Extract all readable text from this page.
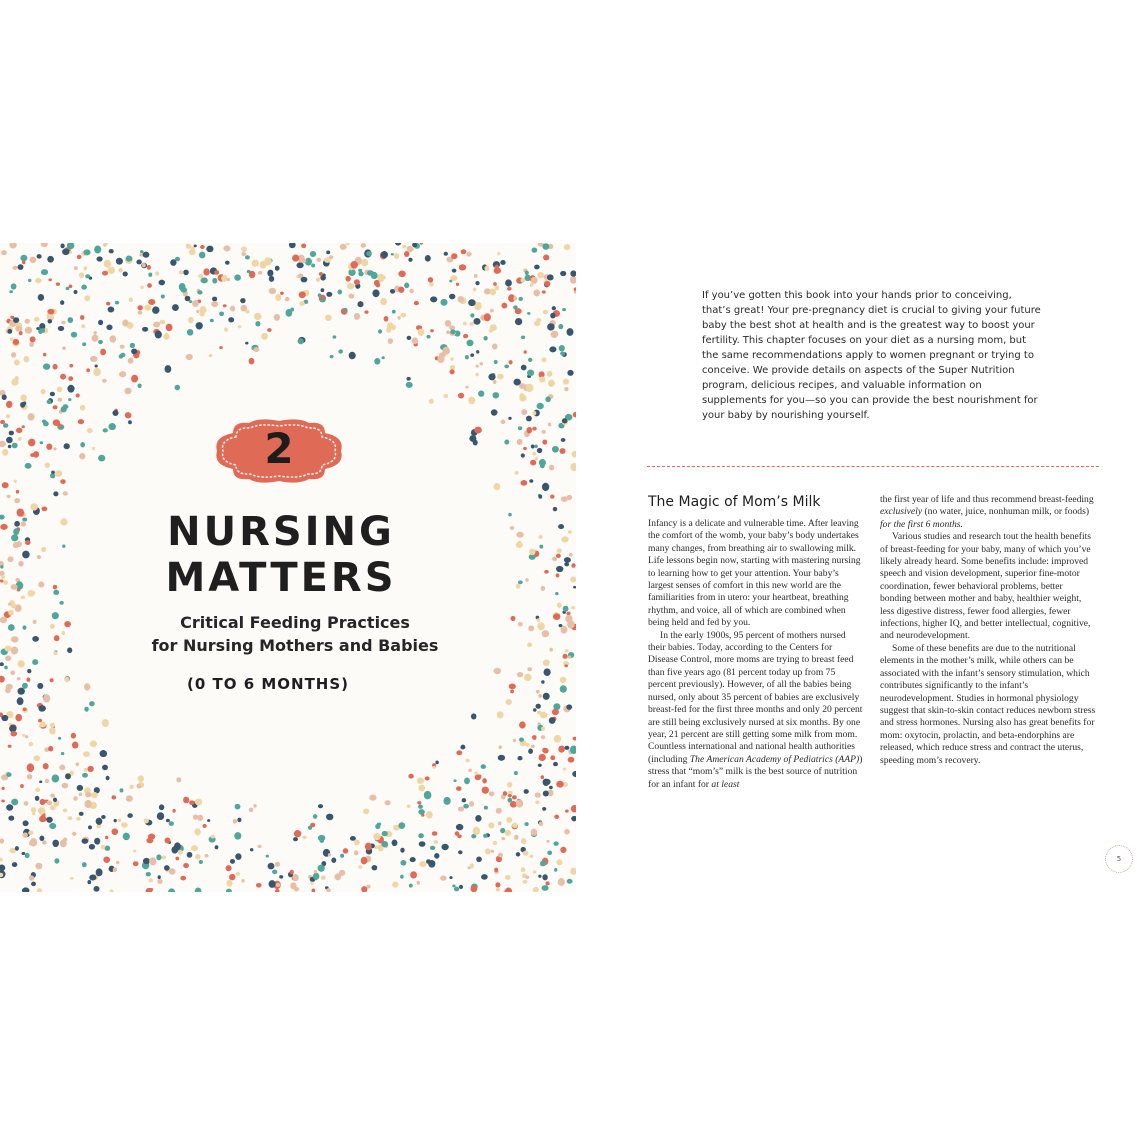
2
NURSING
MATTERS
Critical Feeding Practices
for Nursing Mothers and Babies
(0 TO 6 MONTHS)
If you’ve gotten this book into your hands prior to conceiving, that’s great! Your pre-pregnancy diet is crucial to giving your future baby the best shot at health and is the greatest way to boost your fertility. This chapter focuses on your diet as a nursing mom, but the same recommendations apply to women pregnant or trying to conceive. We provide details on aspects of the Super Nutrition program, delicious recipes, and valuable information on supplements for you—so you can provide the best nourishment for your baby by nourishing yourself.
The Magic of Mom’s Milk

Infancy is a delicate and vulnerable time. After leaving the comfort of the womb, your baby’s body undertakes many changes, from breathing air to swallowing milk. Life lessons begin now, starting with mastering nursing to learning how to get your attention. Your baby’s largest senses of comfort in this new world are the familiarities from in utero: your heartbeat, breathing rhythm, and voice, all of which are combined when being held and fed by you.

In the early 1900s, 95 percent of mothers nursed their babies. Today, according to the Centers for Disease Control, more moms are trying to breast feed than five years ago (81 percent today up from 75 percent previously). However, of all the babies being nursed, only about 35 percent of babies are exclusively breast-fed for the first three months and only 20 percent are still being exclusively nursed at six months. By one year, 21 percent are still getting some milk from mom. Countless international and national health authorities (including The American Academy of Pediatrics (AAP)) stress that “mom’s” milk is the best source of nutrition for an infant for at least

the first year of life and thus recommend breast-feeding exclusively (no water, juice, nonhuman milk, or foods) for the first 6 months.

Various studies and research tout the health benefits of breast-feeding for your baby, many of which you’ve likely already heard. Some benefits include: improved speech and vision development, superior fine-motor coordination, fewer behavioral problems, better bonding between mother and baby, healthier weight, less digestive distress, fewer food allergies, fewer infections, higher IQ, and better intellectual, cognitive, and neurodevelopment.

Some of these benefits are due to the nutritional elements in the mother’s milk, while others can be associated with the infant’s sensory stimulation, which contributes significantly to the infant’s neurodevelopment. Studies in hormonal physiology suggest that skin-to-skin contact reduces newborn stress and stress hormones. Nursing also has great benefits for mom: oxytocin, prolactin, and beta-endorphins are released, which reduce stress and contract the uterus, speeding mom’s recovery.

5
